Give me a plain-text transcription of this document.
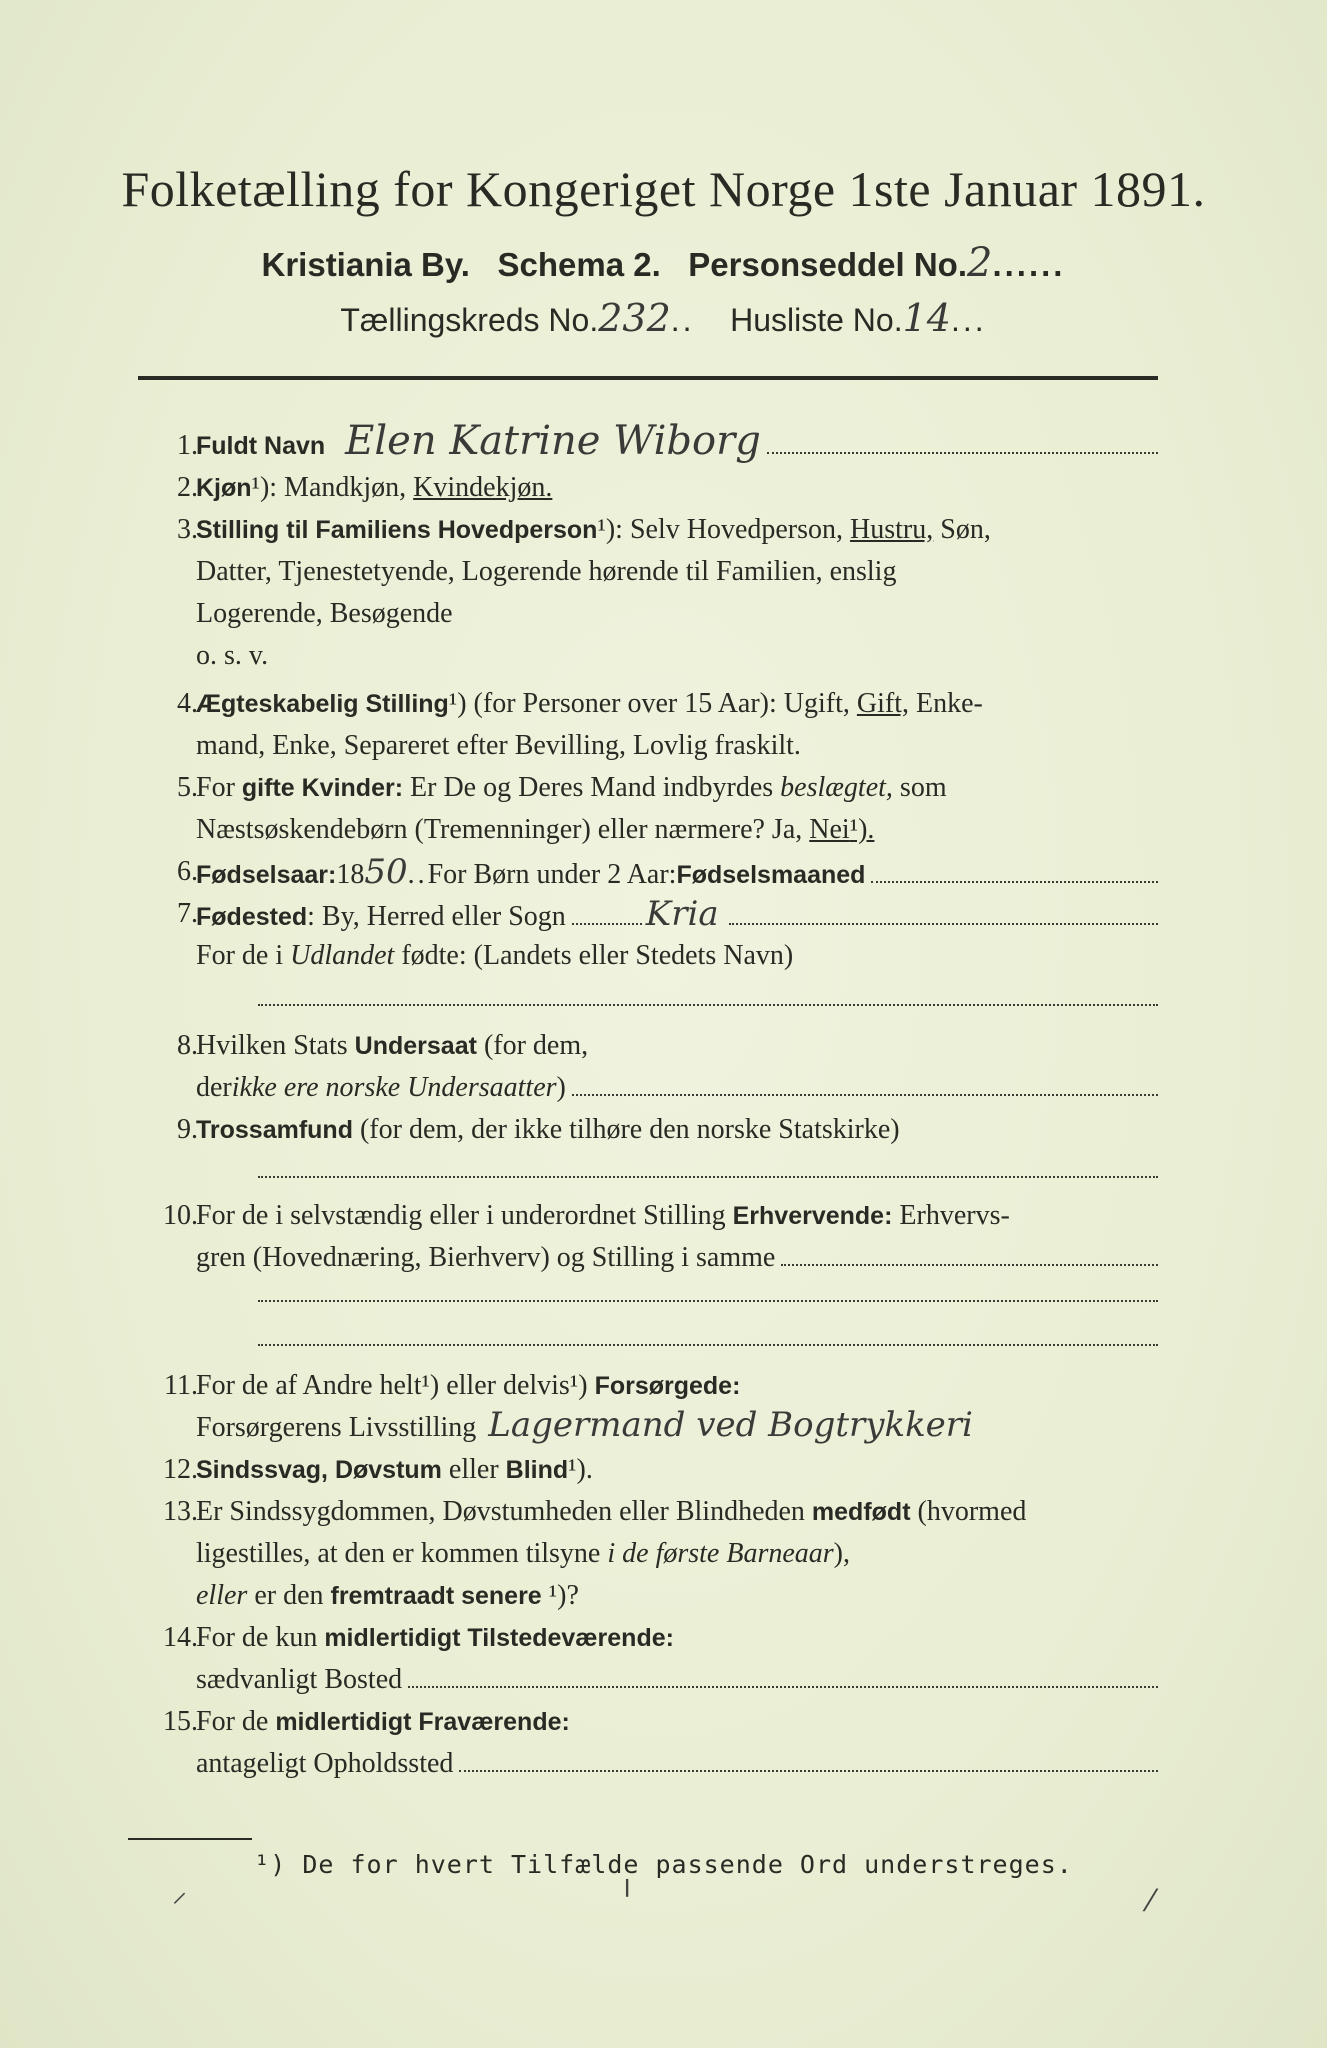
Folketælling for Kongeriget Norge 1ste Januar 1891.
Kristiania By. Schema 2. Personseddel No.2......
Tællingskreds No.232.. Husliste No.14...
1.
Fuldt Navn Elen Katrine Wiborg
2.
Kjøn¹): Mandkjøn, Kvindekjøn.
3.
Stilling til Familiens Hovedperson¹): Selv Hovedperson, Hustru, Søn,
Datter, Tjenestetyende, Logerende hørende til Familien, enslig
Logerende, Besøgende
o. s. v.
4.
Ægteskabelig Stilling¹) (for Personer over 15 Aar): Ugift, Gift, Enke-
mand, Enke, Separeret efter Bevilling, Lovlig fraskilt.
5.
For gifte Kvinder: Er De og Deres Mand indbyrdes beslægtet, som
Næstsøskendebørn (Tremenninger) eller nærmere? Ja, Nei¹).
6.
Fødselsaar: 18 50 .. For Børn under 2 Aar: Fødselsmaaned
7.
Fødested : By, Herred eller Sogn Kria
For de i Udlandet fødte: (Landets eller Stedets Navn)
8.
Hvilken Stats Undersaat (for dem,
der ikke ere norske Undersaatter )
9.
Trossamfund (for dem, der ikke tilhøre den norske Statskirke)
10.
For de i selvstændig eller i underordnet Stilling Erhvervende: Erhvervs-
gren (Hovednæring, Bierhverv) og Stilling i samme
11.
For de af Andre helt¹) eller delvis¹) Forsørgede:
Forsørgerens Livsstilling Lagermand ved Bogtrykkeri
12.
Sindssvag, Døvstum eller Blind¹).
13.
Er Sindssygdommen, Døvstumheden eller Blindheden medfødt (hvormed
ligestilles, at den er kommen tilsyne i de første Barneaar),
eller er den fremtraadt senere ¹)?
14.
For de kun midlertidigt Tilstedeværende:
sædvanligt Bosted
15.
For de midlertidigt Fraværende:
antageligt Opholdssted
¹) De for hvert Tilfælde passende Ord understreges.
⸍	╵	⁄
